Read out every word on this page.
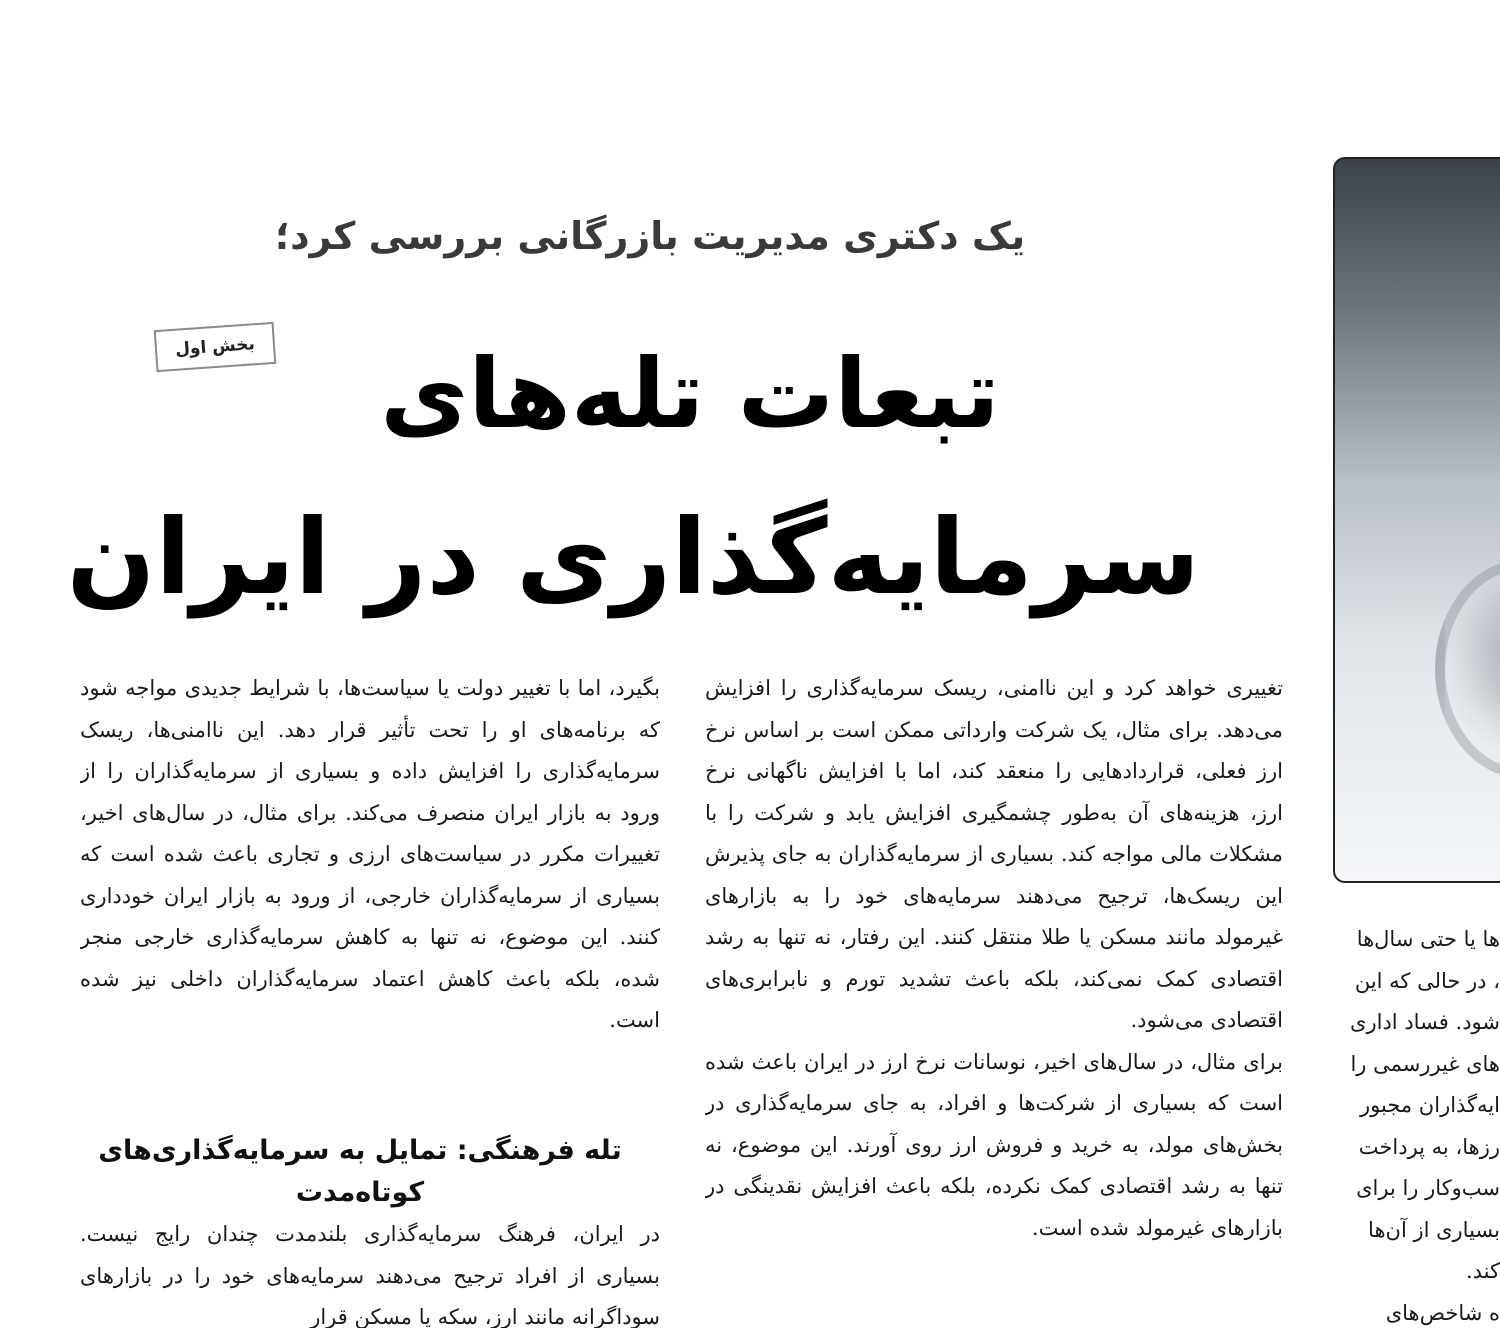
یک دکتری مدیریت بازرگانی بررسی کرد؛
بخش اول	تبعات تله‌های
سرمایه‌گذاری در ایران

تغییری خواهد کرد و این ناامنی، ریسک سرمایه‌گذاری را افزایش می‌دهد. برای مثال، یک شرکت وارداتی ممکن است بر اساس نرخ ارز فعلی، قراردادهایی را منعقد کند، اما با افزایش ناگهانی نرخ ارز، هزینه‌های آن به‌طور چشمگیری افزایش یابد و شرکت را با مشکلات مالی مواجه کند. بسیاری از سرمایه‌گذاران به جای پذیرش این ریسک‌ها، ترجیح می‌دهند سرمایه‌های خود را به بازارهای غیرمولد مانند مسکن یا طلا منتقل کنند. این رفتار، نه تنها به رشد اقتصادی کمک نمی‌کند، بلکه باعث تشدید تورم و نابرابری‌های اقتصادی می‌شود.

برای مثال، در سال‌های اخیر، نوسانات نرخ ارز در ایران باعث شده است که بسیاری از شرکت‌ها و افراد، به جای سرمایه‌گذاری در بخش‌های مولد، به خرید و فروش ارز روی آورند. این موضوع، نه تنها به رشد اقتصادی کمک نکرده، بلکه باعث افزایش نقدینگی در بازارهای غیرمولد شده است.

بگیرد، اما با تغییر دولت یا سیاست‌ها، با شرایط جدیدی مواجه شود که برنامه‌های او را تحت تأثیر قرار دهد. این ناامنی‌ها، ریسک سرمایه‌گذاری را افزایش داده و بسیاری از سرمایه‌گذاران را از ورود به بازار ایران منصرف می‌کند. برای مثال، در سال‌های اخیر، تغییرات مکرر در سیاست‌های ارزی و تجاری باعث شده است که بسیاری از سرمایه‌گذاران خارجی، از ورود به بازار ایران خودداری کنند. این موضوع، نه تنها به کاهش سرمایه‌گذاری خارجی منجر شده، بلکه باعث کاهش اعتماد سرمایه‌گذاران داخلی نیز شده است.

تله فرهنگی: تمایل به سرمایه‌گذاری‌های کوتاه‌مدت

در ایران، فرهنگ سرمایه‌گذاری بلندمدت چندان رایج نیست. بسیاری از افراد ترجیح می‌دهند سرمایه‌های خود را در بازارهای سوداگرانه مانند ارز، سکه یا مسکن قرار

ها یا حتی سال‌ها

، در حالی که این

شود. فساد اداری

های غیررسمی را

ایه‌گذاران مجبور

رزها، به پرداخت

سب‌وکار را برای

بسیاری از آن‌ها

کند.

ه شاخص‌های
